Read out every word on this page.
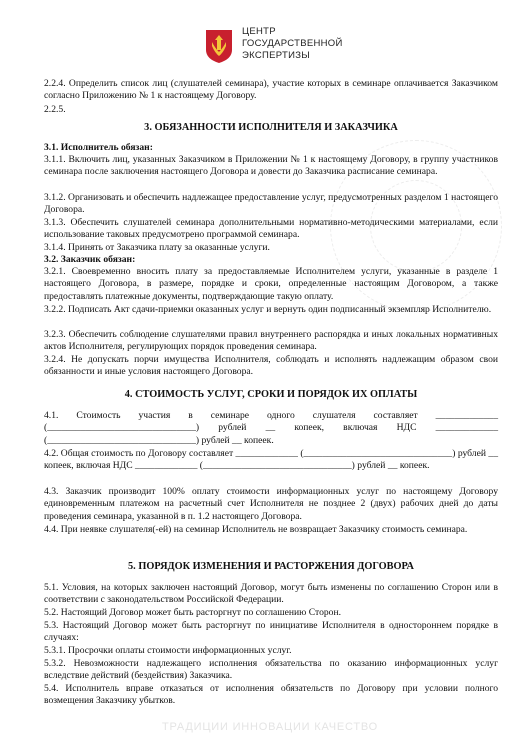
ЦЕНТР
ГОСУДАРСТВЕННОЙ
ЭКСПЕРТИЗЫ
2.2.4. Определить список лиц (слушателей семинара), участие которых в семинаре оплачивается Заказчиком согласно Приложению № 1 к настоящему Договору.
2.2.5.
3. ОБЯЗАННОСТИ ИСПОЛНИТЕЛЯ И ЗАКАЗЧИКА
3.1. Исполнитель обязан:
3.1.1. Включить лиц, указанных Заказчиком в Приложении № 1 к настоящему Договору, в группу участников семинара после заключения настоящего Договора и довести до Заказчика расписание семинара.
3.1.2. Организовать и обеспечить надлежащее предоставление услуг, предусмотренных разделом 1 настоящего Договора.
3.1.3. Обеспечить слушателей семинара дополнительными нормативно-методическими материалами, если использование таковых предусмотрено программой семинара.
3.1.4. Принять от Заказчика плату за оказанные услуги.
3.2. Заказчик обязан:
3.2.1. Своевременно вносить плату за предоставляемые Исполнителем услуги, указанные в разделе 1 настоящего Договора, в размере, порядке и сроки, определенные настоящим Договором, а также предоставлять платежные документы, подтверждающие такую оплату.
3.2.2. Подписать Акт сдачи-приемки оказанных услуг и вернуть один подписанный экземпляр Исполнителю.
3.2.3. Обеспечить соблюдение слушателями правил внутреннего распорядка и иных локальных нормативных актов Исполнителя, регулирующих порядок проведения семинара.
3.2.4. Не допускать порчи имущества Исполнителя, соблюдать и исполнять надлежащим образом свои обязанности и иные условия настоящего Договора.
4. СТОИМОСТЬ УСЛУГ, СРОКИ И ПОРЯДОК ИХ ОПЛАТЫ
4.1. Стоимость участия в семинаре одного слушателя составляет _____________ (_______________________________) рублей __ копеек, включая НДС _____________ (_______________________________) рублей __ копеек.
4.2. Общая стоимость по Договору составляет _____________ (_______________________________) рублей __ копеек, включая НДС _____________ (_______________________________) рублей __ копеек.
4.3. Заказчик производит 100% оплату стоимости информационных услуг по настоящему Договору единовременным платежом на расчетный счет Исполнителя не позднее 2 (двух) рабочих дней до даты проведения семинара, указанной в п. 1.2 настоящего Договора.
4.4. При неявке слушателя(-ей) на семинар Исполнитель не возвращает Заказчику стоимость семинара.
5. ПОРЯДОК ИЗМЕНЕНИЯ И РАСТОРЖЕНИЯ ДОГОВОРА
5.1. Условия, на которых заключен настоящий Договор, могут быть изменены по соглашению Сторон или в соответствии с законодательством Российской Федерации.
5.2. Настоящий Договор может быть расторгнут по соглашению Сторон.
5.3. Настоящий Договор может быть расторгнут по инициативе Исполнителя в одностороннем порядке в случаях:
5.3.1. Просрочки оплаты стоимости информационных услуг.
5.3.2. Невозможности надлежащего исполнения обязательства по оказанию информационных услуг вследствие действий (бездействия) Заказчика.
5.4. Исполнитель вправе отказаться от исполнения обязательств по Договору при условии полного возмещения Заказчику убытков.
ТРАДИЦИИ ИННОВАЦИИ КАЧЕСТВО
